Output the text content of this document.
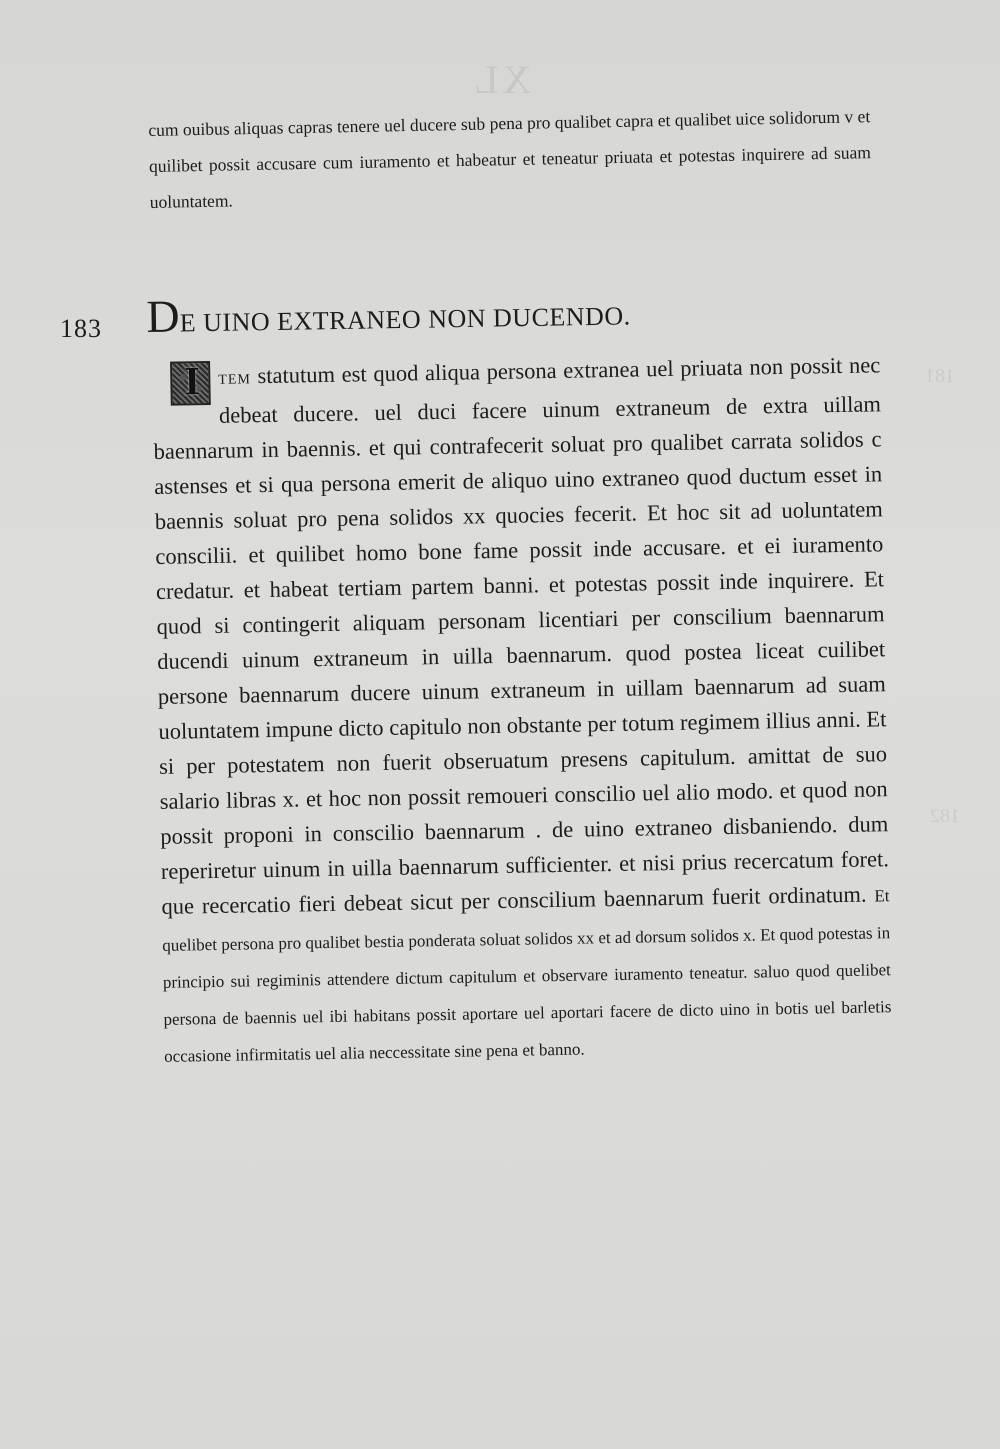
XL
181
182
cum ouibus aliquas capras tenere uel ducere sub pena pro qualibet capra et qualibet uice solidorum v et quilibet possit accusare cum iuramento et habeatur et teneatur priuata et potestas inquirere ad suam uoluntatem.
183 DE UINO EXTRANEO NON DUCENDO.
I TEM statutum est quod aliqua persona extranea uel priuata non possit nec debeat ducere. uel duci facere uinum extraneum de extra uillam baennarum in baennis. et qui contrafecerit soluat pro qualibet carrata solidos c astenses et si qua persona emerit de aliquo uino extraneo quod ductum esset in baennis soluat pro pena solidos xx quocies fecerit. Et hoc sit ad uoluntatem conscilii. et quilibet homo bone fame possit inde accusare. et ei iuramento credatur. et habeat tertiam partem banni. et potestas possit inde inquirere. Et quod si contingerit aliquam personam licentiari per conscilium baennarum ducendi uinum extraneum in uilla baennarum. quod postea liceat cuilibet persone baennarum ducere uinum extraneum in uillam baennarum ad suam uoluntatem impune dicto capitulo non obstante per totum regimem illius anni. Et si per potestatem non fuerit obseruatum presens capitulum. amittat de suo salario libras x. et hoc non possit remoueri conscilio uel alio modo. et quod non possit proponi in conscilio baennarum . de uino extraneo disbaniendo. dum reperiretur uinum in uilla baennarum sufficienter. et nisi prius recercatum foret. que recercatio fieri debeat sicut per conscilium baennarum fuerit ordinatum. Et quelibet persona pro qualibet bestia ponderata soluat solidos xx et ad dorsum solidos x. Et quod potestas in principio sui regiminis attendere dictum capitulum et observare iuramento teneatur. saluo quod quelibet persona de baennis uel ibi habitans possit aportare uel aportari facere de dicto uino in botis uel barletis occasione infirmitatis uel alia neccessitate sine pena et banno.
